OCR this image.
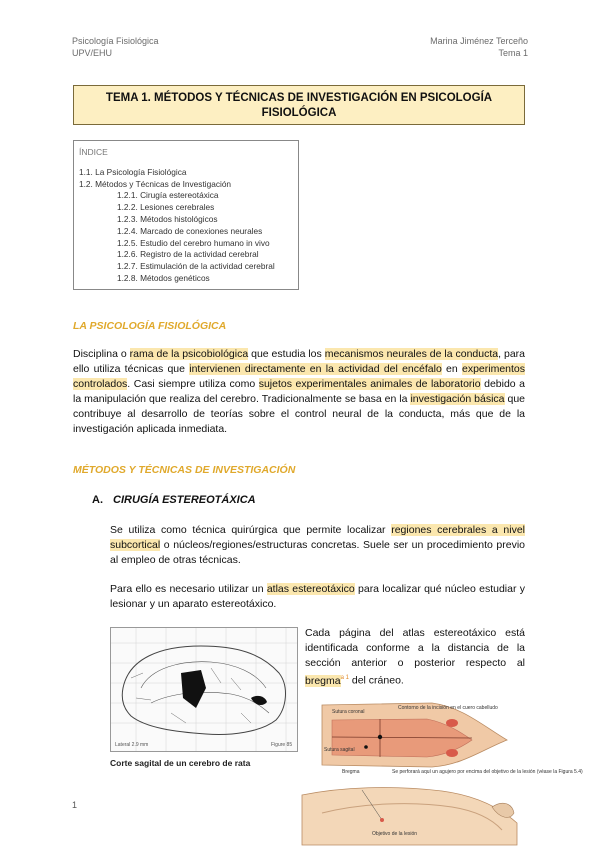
Psicología Fisiológica
UPV/EHU
Marina Jiménez Terceño
Tema 1
TEMA 1. MÉTODOS Y TÉCNICAS DE INVESTIGACIÓN EN PSICOLOGÍA
FISIOLÓGICA
ÍNDICE
1.1. La Psicología Fisiológica
1.2. Métodos y Técnicas de Investigación
1.2.1. Cirugía estereotáxica
1.2.2. Lesiones cerebrales
1.2.3. Métodos histológicos
1.2.4. Marcado de conexiones neurales
1.2.5. Estudio del cerebro humano in vivo
1.2.6. Registro de la actividad cerebral
1.2.7. Estimulación de la actividad cerebral
1.2.8. Métodos genéticos
LA PSICOLOGÍA FISIOLÓGICA
Disciplina o rama de la psicobiológica que estudia los mecanismos neurales de la conducta, para ello utiliza técnicas que intervienen directamente en la actividad del encéfalo en experimentos controlados. Casi siempre utiliza como sujetos experimentales animales de laboratorio debido a la manipulación que realiza del cerebro. Tradicionalmente se basa en la investigación básica que contribuye al desarrollo de teorías sobre el control neural de la conducta, más que de la investigación aplicada inmediata.
MÉTODOS Y TÉCNICAS DE INVESTIGACIÓN
A. CIRUGÍA ESTEREOTÁXICA
Se utiliza como técnica quirúrgica que permite localizar regiones cerebrales a nivel subcortical o núcleos/regiones/estructuras concretas. Suele ser un procedimiento previo al empleo de otras técnicas.
Para ello es necesario utilizar un atlas estereotáxico para localizar qué núcleo estudiar y lesionar y un aparato estereotáxico.
Cada página del atlas estereotáxico está identificada conforme a la distancia de la sección anterior o posterior respecto al bregma$^{a 1}$ del cráneo.
Lateral 2.9 mm	Figure 85
Corte sagital de un cerebro de rata
Sutura coronal
Contorno de la incisión en el cuero cabelludo
Sutura sagital
Bregma	Se perforará aquí un agujero por encima del objetivo de la lesión (véase la Figura 5.4)
Objetivo de la lesión
1
